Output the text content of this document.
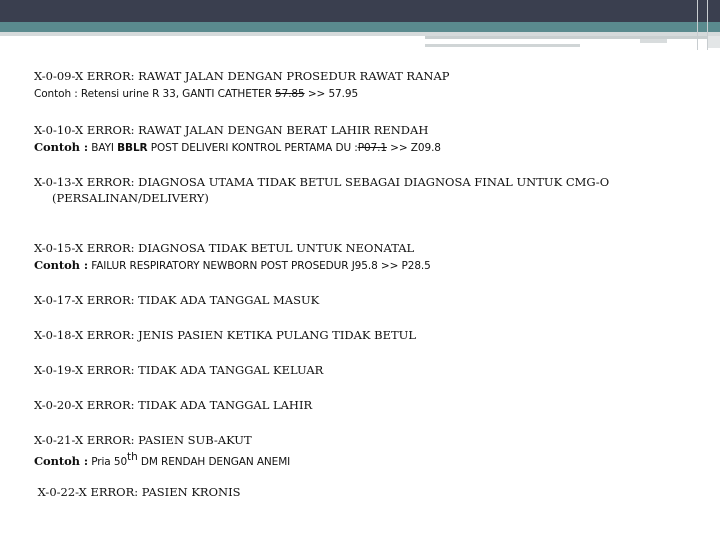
X-0-09-X ERROR: RAWAT JALAN DENGAN PROSEDUR RAWAT RANAP

Contoh : Retensi urine R 33, GANTI CATHETER 57.85 >> 57.95

X-0-10-X ERROR: RAWAT JALAN DENGAN BERAT LAHIR RENDAH

Contoh : BAYI BBLR POST DELIVERI KONTROL PERTAMA DU :P07.1 >> Z09.8

X-0-13-X ERROR: DIAGNOSA UTAMA TIDAK BETUL SEBAGAI DIAGNOSA FINAL UNTUK CMG-O
(PERSALINAN/DELIVERY)

X-0-15-X ERROR: DIAGNOSA TIDAK BETUL UNTUK NEONATAL

Contoh : FAILUR RESPIRATORY NEWBORN POST PROSEDUR J95.8 >> P28.5

X-0-17-X ERROR: TIDAK ADA TANGGAL MASUK

X-0-18-X ERROR: JENIS PASIEN KETIKA PULANG TIDAK BETUL

X-0-19-X ERROR: TIDAK ADA TANGGAL KELUAR

X-0-20-X ERROR: TIDAK ADA TANGGAL LAHIR

X-0-21-X ERROR: PASIEN SUB-AKUT

Contoh : Pria 50th DM RENDAH DENGAN ANEMI

X-0-22-X ERROR: PASIEN KRONIS
